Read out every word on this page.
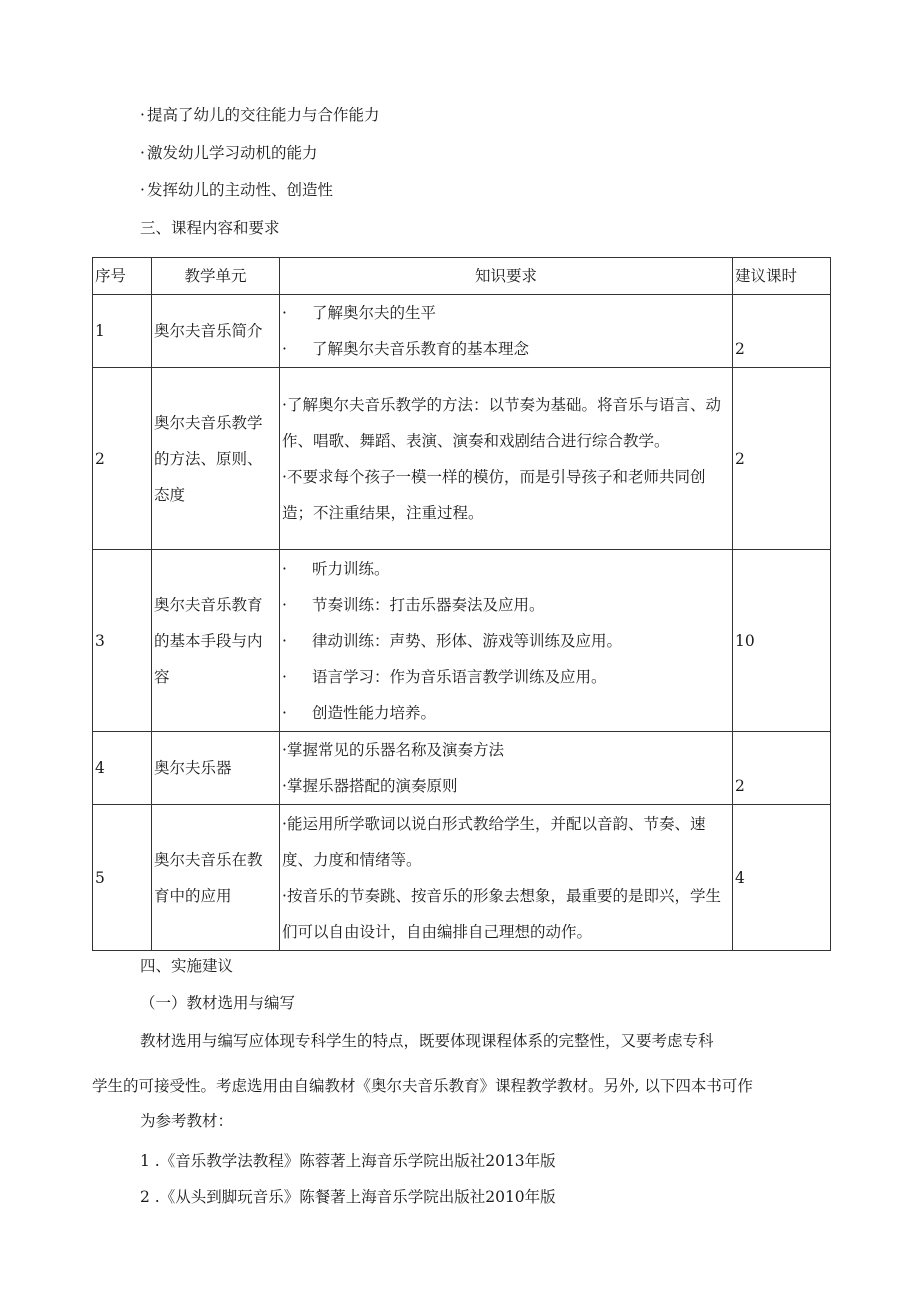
· 提高了幼儿的交往能力与合作能力
· 激发幼儿学习动机的能力
· 发挥幼儿的主动性、创造性
三、课程内容和要求
序号	教学单元	知识要求	建议课时
1	奥尔夫音乐简介	· 了解奥尔夫的生平
· 了解奥尔夫音乐教育的基本理念	2
2	奥尔夫音乐教学的方法、原则、态度	·了解奥尔夫音乐教学的方法：以节奏为基础。将音乐与语言、动作、唱歌、舞蹈、表演、演奏和戏剧结合进行综合教学。
·不要求每个孩子一模一样的模仿，而是引导孩子和老师共同创造；不注重结果，注重过程。	2
3	奥尔夫音乐教育的基本手段与内容	· 听力训练。
· 节奏训练：打击乐器奏法及应用。
· 律动训练：声势、形体、游戏等训练及应用。
· 语言学习：作为音乐语言教学训练及应用。
· 创造性能力培养。	10
4	奥尔夫乐器	·掌握常见的乐器名称及演奏方法
·掌握乐器搭配的演奏原则	2
5	奥尔夫音乐在教育中的应用	·能运用所学歌词以说白形式教给学生，并配以音韵、节奏、速度、力度和情绪等。
·按音乐的节奏跳、按音乐的形象去想象，最重要的是即兴，学生们可以自由设计，自由编排自己理想的动作。	4
四、实施建议
（一）教材选用与编写
教材选用与编写应体现专科学生的特点，既要体现课程体系的完整性，又要考虑专科
学生的可接受性。考虑选用由自编教材《奥尔夫音乐教育》课程教学教材。另外, 以下四本书可作
为参考教材：
1 .《音乐教学法教程》陈蓉著上海音乐学院出版社2013年版
2 .《从头到脚玩音乐》陈餐著上海音乐学院出版社2010年版
